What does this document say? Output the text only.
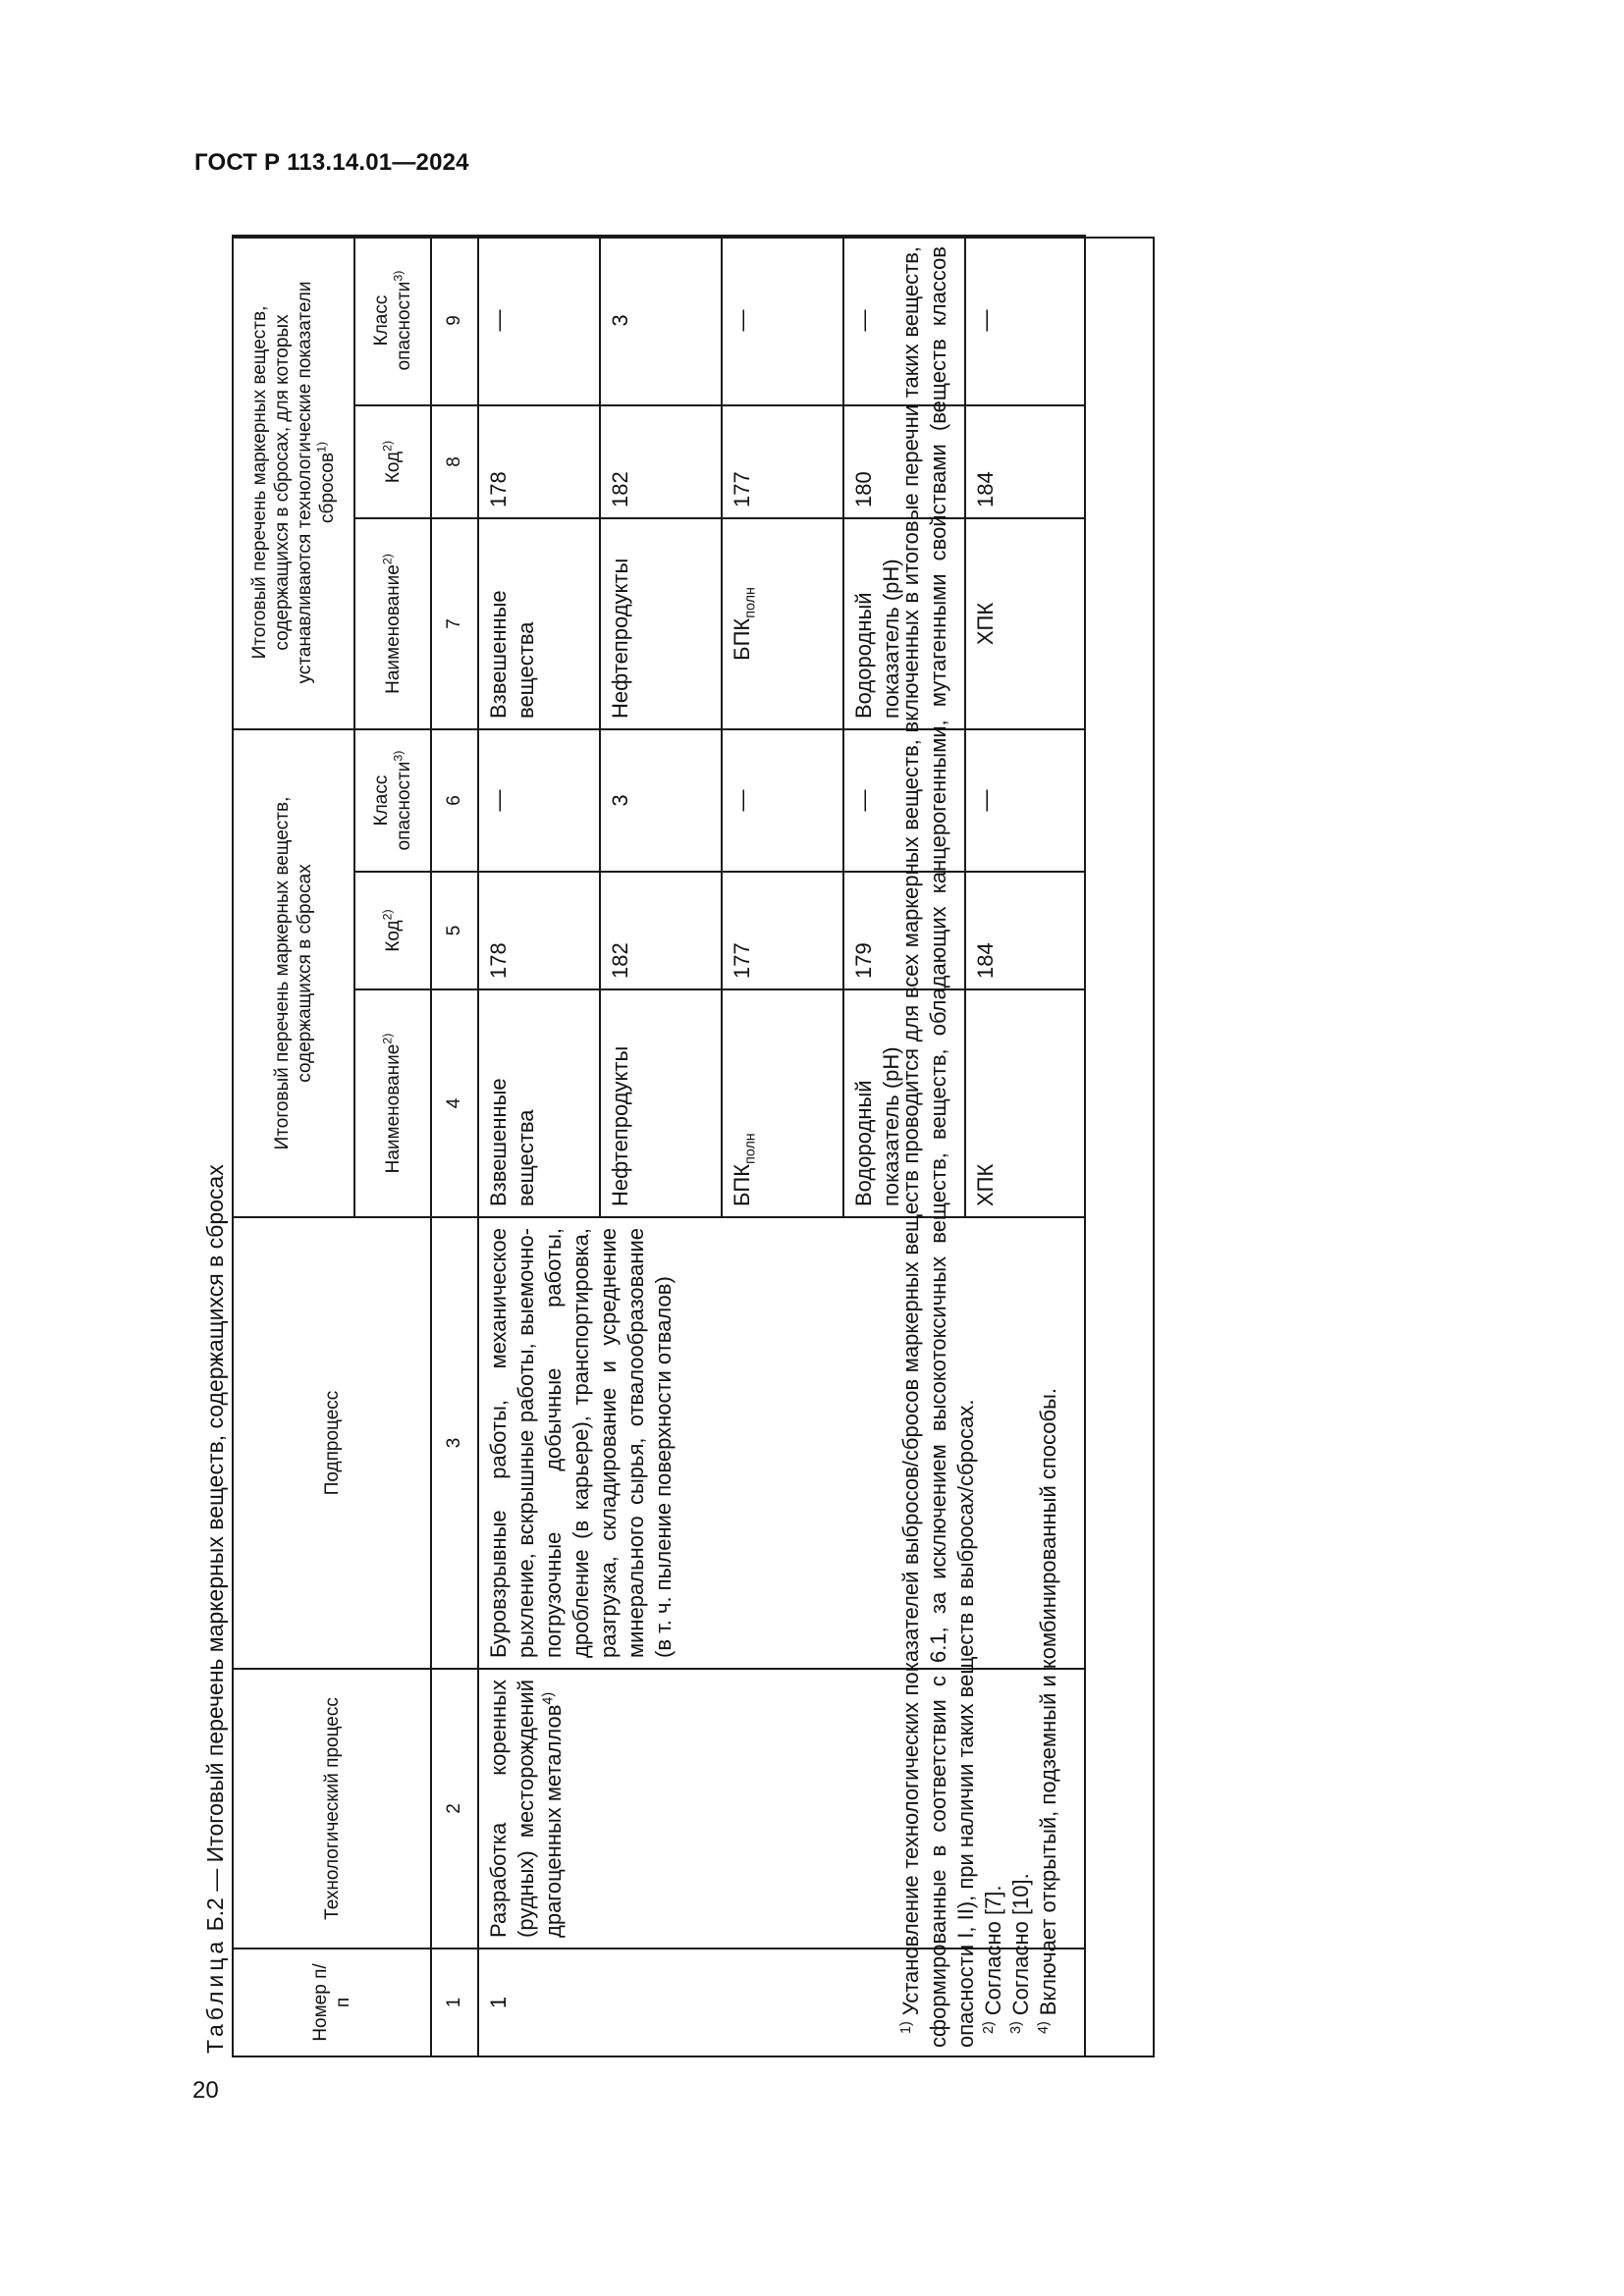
ГОСТ Р 113.14.01—2024
20
Таблица Б.2 — Итоговый перечень маркерных веществ, содержащихся в сбросах
Номер п/п	Технологический процесс	Подпроцесс	Итоговый перечень маркерных веществ, содержащихся в сбросах			Итоговый перечень маркерных веществ, содержащихся в сбросах, для которых устанавливаются технологические показатели сбросов$^{1)}$
			Наименование$^{2)}$	Код$^{2)}$	Класс опасности$^{3)}$	Наименование$^{2)}$	Код$^{2)}$	Класс опасности$^{3)}$
1	2	3	4	5	6	7	8	9
1	Разработка коренных (рудных) месторождений драгоценных металлов$^{4)}$	Буровзрывные работы, механическое рыхление, вскрышные работы, выемочно-погрузочные добычные работы, дробление (в карьере), транспортировка, разгрузка, складирование и усреднение минерального сырья, отвалообразование (в т. ч. пыление поверхности отвалов)	Взвешенные вещества	178	—	Взвешенные вещества	178	—
			Нефтепродукты	182	3	Нефтепродукты	182	3
			$БПК_{полн}$	177	—	$БПК_{полн}$	177	—
			Водородный показатель (pH)	179	—	Водородный показатель (pH)	180	—
			ХПК	184	—	ХПК	184	—

$^{1)}$Установление технологических показателей выбросов/сбросов маркерных веществ проводится для всех маркерных веществ, включенных в итоговые перечни таких веществ, сформированные в соответствии с 6.1, за исключением высокотоксичных веществ, веществ, обладающих канцерогенными, мутагенными свойствами (веществ классов опасности I, II), при наличии таких веществ в выбросах/сбросах. $^{2)}$Согласно [7].

$^{3)}$Согласно [10].

$^{4)}$Включает открытый, подземный и комбинированный способы.
